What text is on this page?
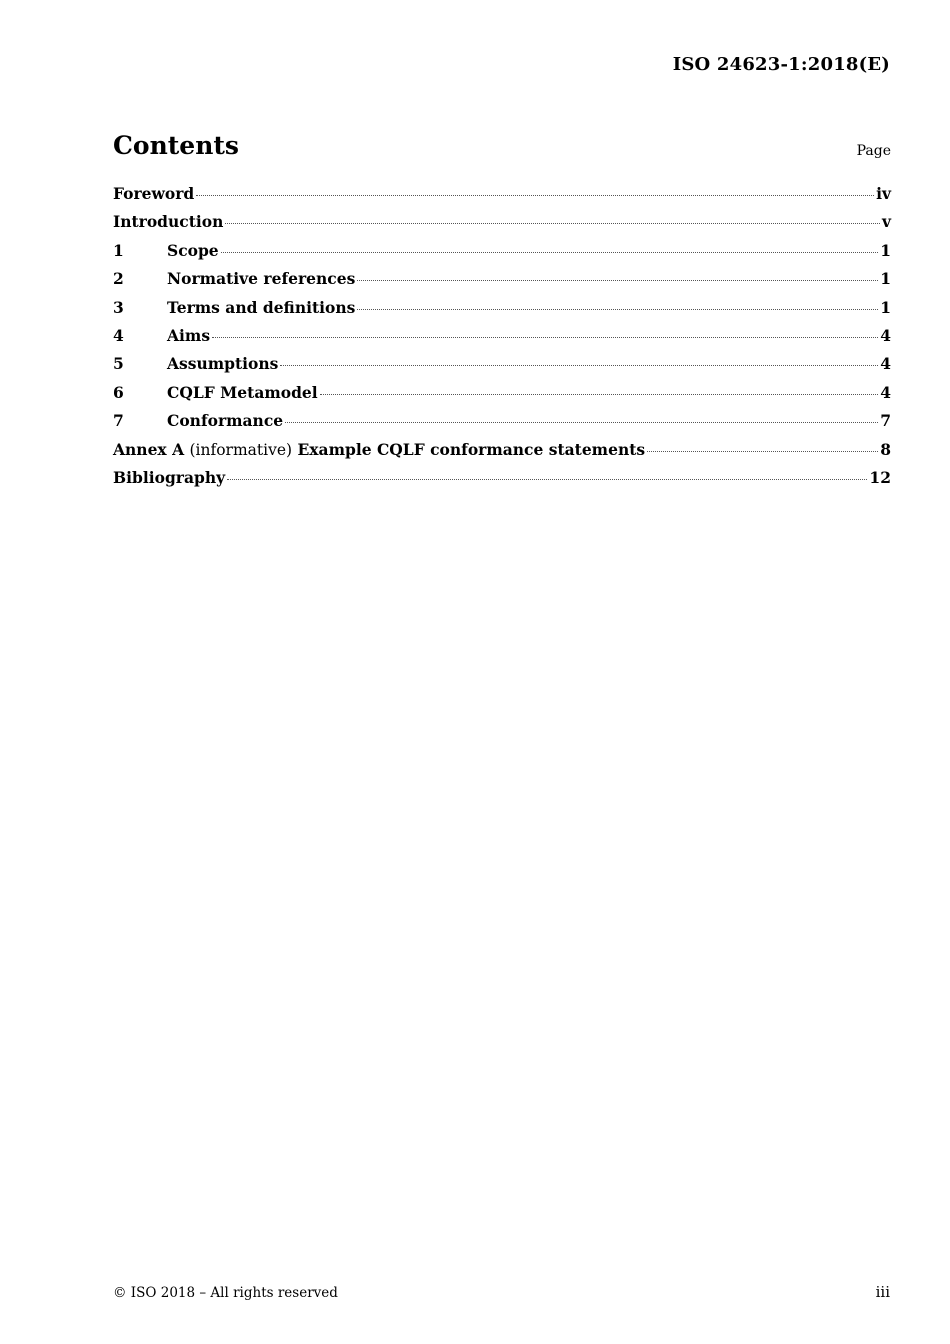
ISO 24623-1:2018(E)
Contents	Page
Foreword	iv
Introduction	v
1	Scope	1
2	Normative references	1
3	Terms and definitions	1
4	Aims	4
5	Assumptions	4
6	CQLF Metamodel	4
7	Conformance	7
Annex A (informative) Example CQLF conformance statements	8
Bibliography	12
© ISO 2018 – All rights reserved	iii
